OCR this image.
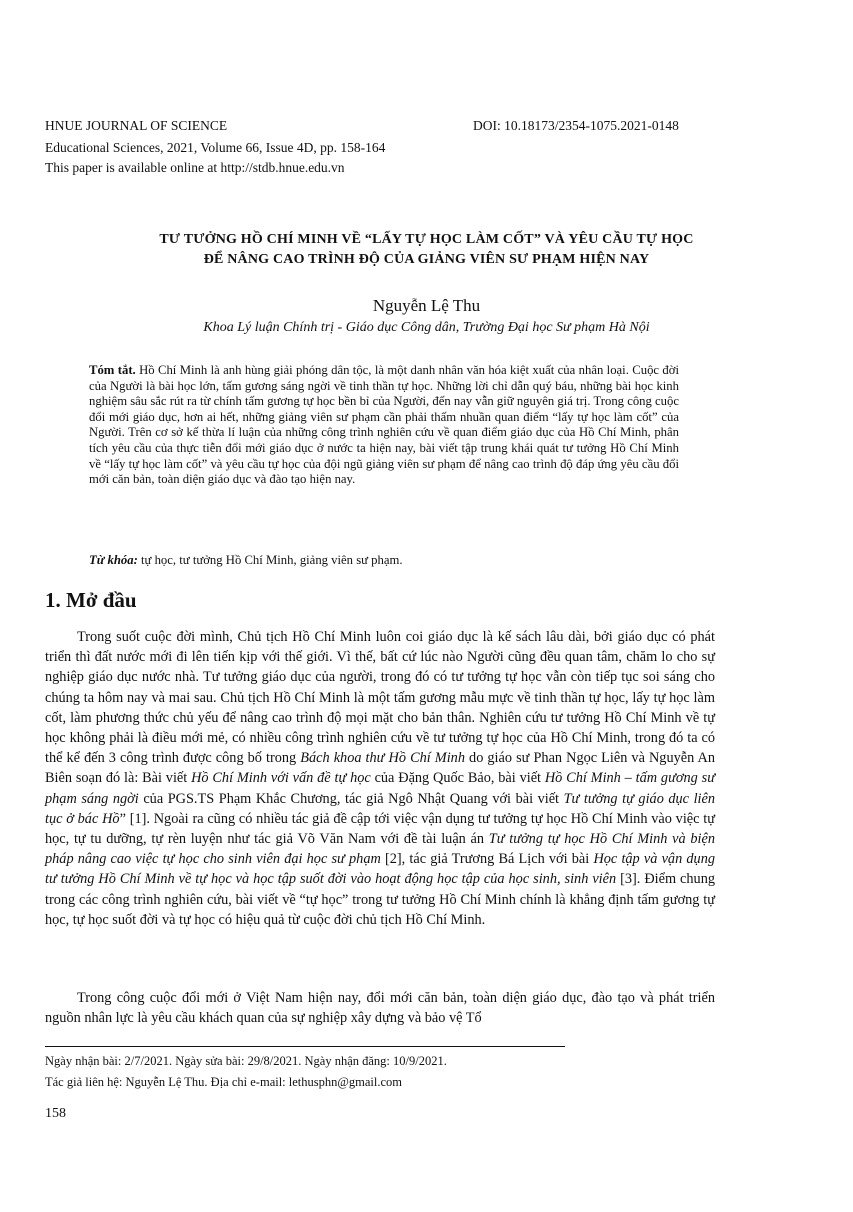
HNUE JOURNAL OF SCIENCE	DOI: 10.18173/2354-1075.2021-0148
Educational Sciences, 2021, Volume 66, Issue 4D, pp. 158-164
This paper is available online at http://stdb.hnue.edu.vn
TƯ TƯỞNG HỒ CHÍ MINH VỀ “LẤY TỰ HỌC LÀM CỐT” VÀ YÊU CẦU TỰ HỌC
ĐỂ NÂNG CAO TRÌNH ĐỘ CỦA GIẢNG VIÊN SƯ PHẠM HIỆN NAY
Nguyễn Lệ Thu
Khoa Lý luận Chính trị - Giáo dục Công dân, Trường Đại học Sư phạm Hà Nội
Tóm tắt. Hồ Chí Minh là anh hùng giải phóng dân tộc, là một danh nhân văn hóa kiệt xuất của nhân loại. Cuộc đời của Người là bài học lớn, tấm gương sáng ngời về tinh thần tự học. Những lời chỉ dẫn quý báu, những bài học kinh nghiệm sâu sắc rút ra từ chính tấm gương tự học bền bỉ của Người, đến nay vẫn giữ nguyên giá trị. Trong công cuộc đổi mới giáo dục, hơn ai hết, những giảng viên sư phạm cần phải thấm nhuần quan điểm “lấy tự học làm cốt” của Người. Trên cơ sở kế thừa lí luận của những công trình nghiên cứu về quan điểm giáo dục của Hồ Chí Minh, phân tích yêu cầu của thực tiễn đổi mới giáo dục ở nước ta hiện nay, bài viết tập trung khái quát tư tưởng Hồ Chí Minh về “lấy tự học làm cốt” và yêu cầu tự học của đội ngũ giảng viên sư phạm để nâng cao trình độ đáp ứng yêu cầu đổi mới căn bản, toàn diện giáo dục và đào tạo hiện nay.
Từ khóa: tự học, tư tưởng Hồ Chí Minh, giảng viên sư phạm.
1. Mở đầu

Trong suốt cuộc đời mình, Chủ tịch Hồ Chí Minh luôn coi giáo dục là kế sách lâu dài, bởi giáo dục có phát triển thì đất nước mới đi lên tiến kịp với thế giới. Vì thế, bất cứ lúc nào Người cũng đều quan tâm, chăm lo cho sự nghiệp giáo dục nước nhà. Tư tưởng giáo dục của người, trong đó có tư tưởng tự học vẫn còn tiếp tục soi sáng cho chúng ta hôm nay và mai sau. Chủ tịch Hồ Chí Minh là một tấm gương mẫu mực về tinh thần tự học, lấy tự học làm cốt, làm phương thức chủ yếu để nâng cao trình độ mọi mặt cho bản thân. Nghiên cứu tư tưởng Hồ Chí Minh về tự học không phải là điều mới mẻ, có nhiều công trình nghiên cứu về tư tưởng tự học của Hồ Chí Minh, trong đó ta có thể kể đến 3 công trình được công bố trong Bách khoa thư Hồ Chí Minh do giáo sư Phan Ngọc Liên và Nguyễn An Biên soạn đó là: Bài viết Hồ Chí Minh với vấn đề tự học của Đặng Quốc Bảo, bài viết Hồ Chí Minh – tấm gương sư phạm sáng ngời của PGS.TS Phạm Khắc Chương, tác giả Ngô Nhật Quang với bài viết Tư tưởng tự giáo dục liên tục ở bác Hồ” [1]. Ngoài ra cũng có nhiều tác giả đề cập tới việc vận dụng tư tưởng tự học Hồ Chí Minh vào việc tự học, tự tu dưỡng, tự rèn luyện như tác giả Võ Văn Nam với đề tài luận án Tư tưởng tự học Hồ Chí Minh và biện pháp nâng cao việc tự học cho sinh viên đại học sư phạm [2], tác giả Trương Bá Lịch với bài Học tập và vận dụng tư tưởng Hồ Chí Minh về tự học và học tập suốt đời vào hoạt động học tập của học sinh, sinh viên [3]. Điểm chung trong các công trình nghiên cứu, bài viết về “tự học” trong tư tưởng Hồ Chí Minh chính là khẳng định tấm gương tự học, tự học suốt đời và tự học có hiệu quả từ cuộc đời chủ tịch Hồ Chí Minh.

Trong công cuộc đổi mới ở Việt Nam hiện nay, đổi mới căn bản, toàn diện giáo dục, đào tạo và phát triển nguồn nhân lực là yêu cầu khách quan của sự nghiệp xây dựng và bảo vệ Tổ

Ngày nhận bài: 2/7/2021. Ngày sửa bài: 29/8/2021. Ngày nhận đăng: 10/9/2021.
Tác giả liên hệ: Nguyễn Lệ Thu. Địa chỉ e-mail: lethusphn@gmail.com
158
